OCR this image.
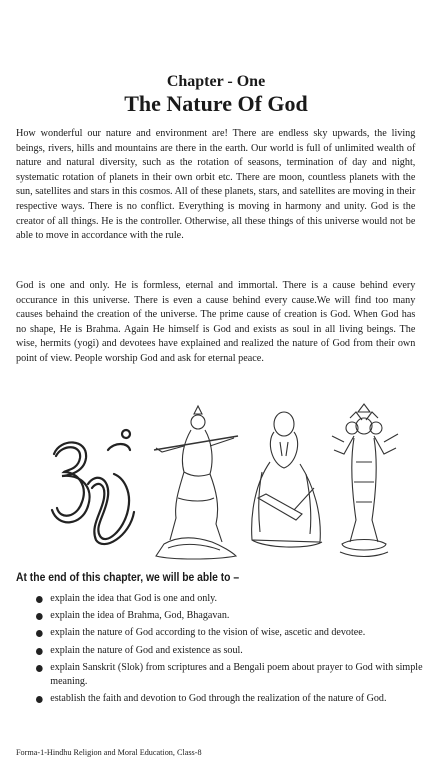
Chapter - One
The Nature Of God

How wonderful our nature and environment are! There are endless sky upwards, the living beings, rivers, hills and mountains are there in the earth. Our world is full of unlimited wealth of nature and natural diversity, such as the rotation of seasons, termination of day and night, systematic rotation of planets in their own orbit etc. There are moon, countless planets with the sun, satellites and stars in this cosmos. All of these planets, stars, and satellites are moving in their respective ways. There is no conflict. Everything is moving in harmony and unity. God is the creator of all things. He is the controller. Otherwise, all these things of this universe would not be able to move in accordance with the rule.

God is one and only. He is formless, eternal and immortal. There is a cause behind every occurance in this universe. There is even a cause behind every cause.We will find too many causes behaind the creation of the universe. The prime cause of creation is God. When God has no shape, He is Brahma. Again He himself is God and exists as soul in all living beings. The wise, hermits (yogi) and devotees have explained and realized the nature of God from their own point of view. People worship God and ask for eternal peace.

At the end of this chapter, we will be able to –
explain the idea that God is one and only.
explain the idea of Brahma, God, Bhagavan.
explain the nature of God according to the vision of wise, ascetic and devotee.
explain the nature of God and existence as soul.
explain Sanskrit (Slok) from scriptures and a Bengali poem about prayer to God with simple meaning.
establish the faith and devotion to God through the realization of the nature of God.
Forma-1-Hindhu Religion and Moral Education, Class-8
